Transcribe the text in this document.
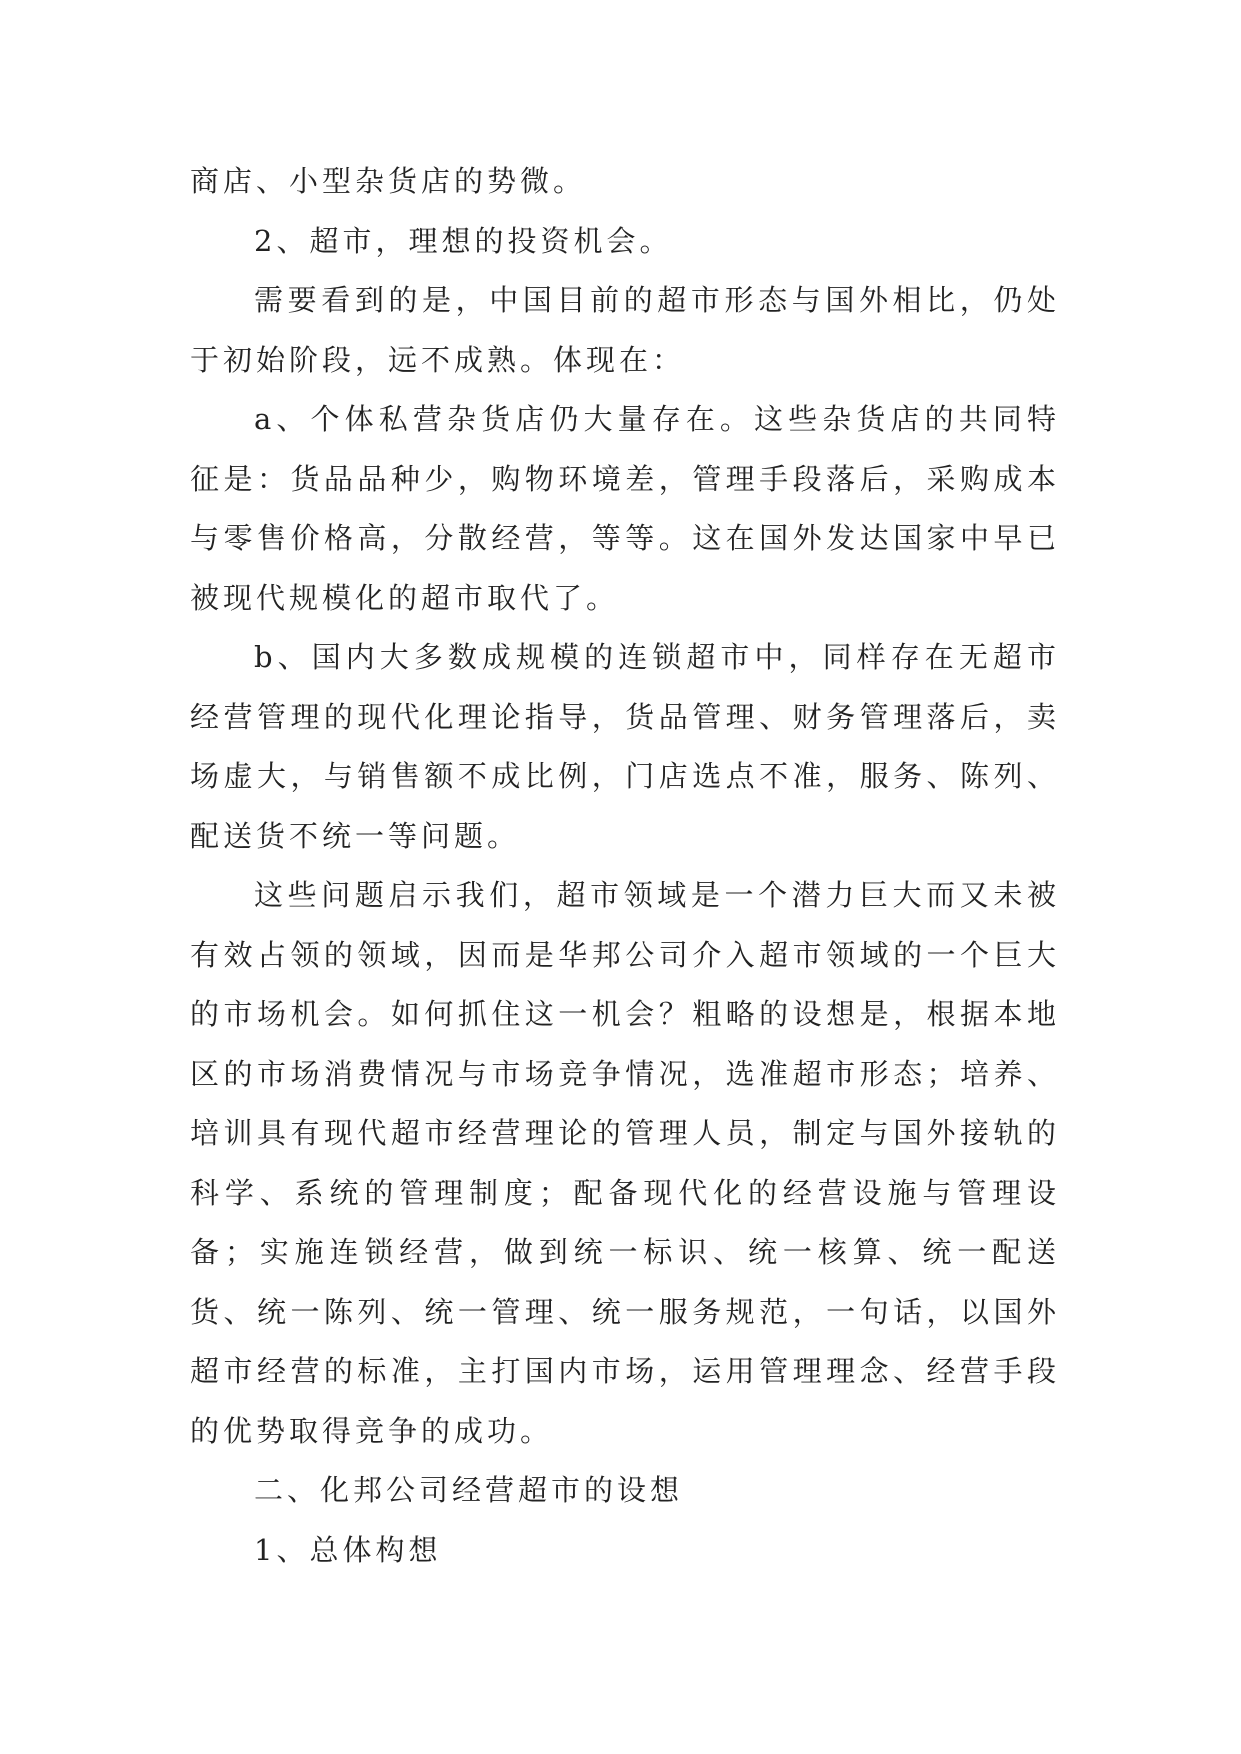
商店、小型杂货店的势微。

2、超市，理想的投资机会。

需要看到的是，中国目前的超市形态与国外相比，仍处于初始阶段，远不成熟。体现在：

a、个体私营杂货店仍大量存在。这些杂货店的共同特征是：货品品种少，购物环境差，管理手段落后，采购成本与零售价格高，分散经营，等等。这在国外发达国家中早已被现代规模化的超市取代了。

b、国内大多数成规模的连锁超市中，同样存在无超市经营管理的现代化理论指导，货品管理、财务管理落后，卖场虚大，与销售额不成比例，门店选点不准，服务、陈列、配送货不统一等问题。

这些问题启示我们，超市领域是一个潜力巨大而又未被有效占领的领域，因而是华邦公司介入超市领域的一个巨大的市场机会。如何抓住这一机会？粗略的设想是，根据本地区的市场消费情况与市场竞争情况，选准超市形态；培养、培训具有现代超市经营理论的管理人员，制定与国外接轨的科学、系统的管理制度；配备现代化的经营设施与管理设备；实施连锁经营，做到统一标识、统一核算、统一配送货、统一陈列、统一管理、统一服务规范，一句话，以国外超市经营的标准，主打国内市场，运用管理理念、经营手段的优势取得竞争的成功。

二、化邦公司经营超市的设想

1、总体构想
